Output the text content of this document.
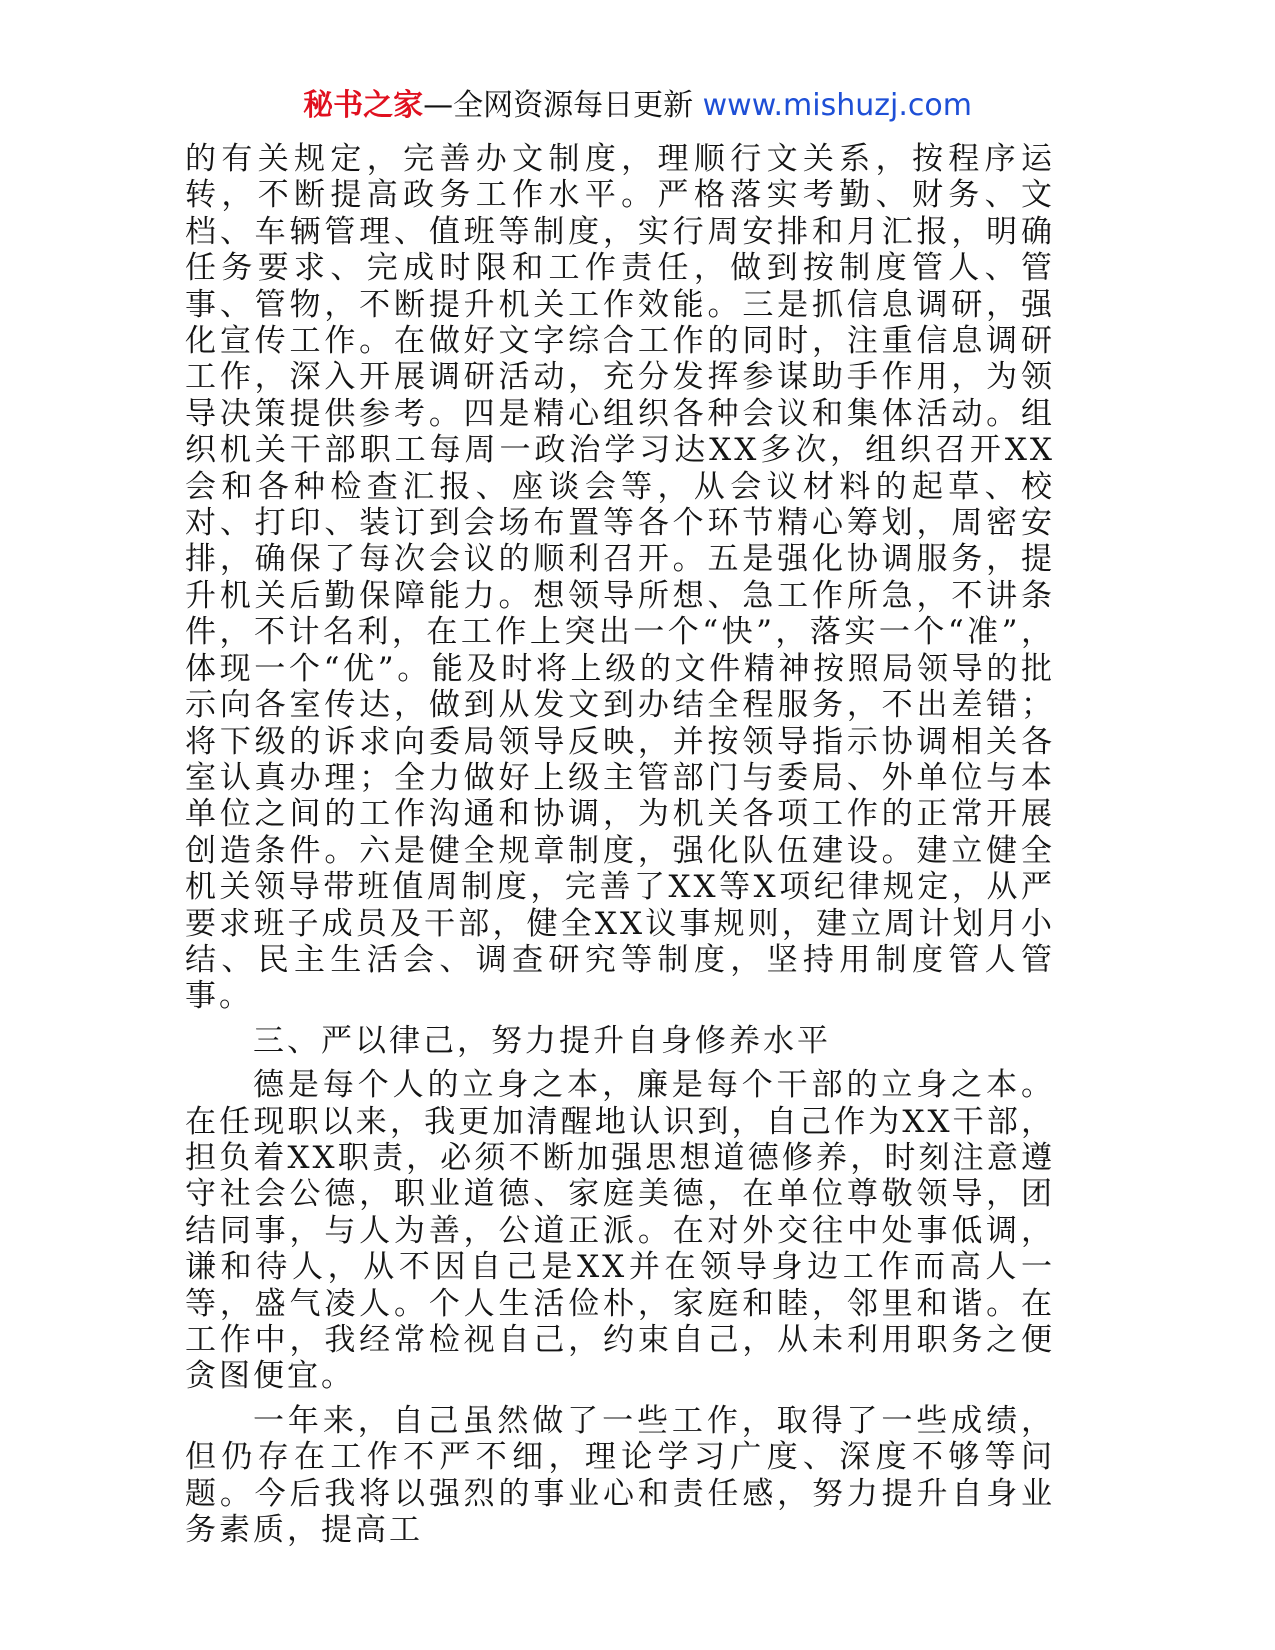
秘书之家—全网资源每日更新 www.mishuzj.com

的有关规定，完善办文制度，理顺行文关系，按程序运转，不断提高政务工作水平。严格落实考勤、财务、文档、车辆管理、值班等制度，实行周安排和月汇报，明确任务要求、完成时限和工作责任，做到按制度管人、管事、管物，不断提升机关工作效能。三是抓信息调研，强化宣传工作。在做好文字综合工作的同时，注重信息调研工作，深入开展调研活动，充分发挥参谋助手作用，为领导决策提供参考。四是精心组织各种会议和集体活动。组织机关干部职工每周一政治学习达XX多次，组织召开XX会和各种检查汇报、座谈会等，从会议材料的起草、校对、打印、装订到会场布置等各个环节精心筹划，周密安排，确保了每次会议的顺利召开。五是强化协调服务，提升机关后勤保障能力。想领导所想、急工作所急，不讲条件，不计名利，在工作上突出一个“快”，落实一个“准”，体现一个“优”。能及时将上级的文件精神按照局领导的批示向各室传达，做到从发文到办结全程服务，不出差错；将下级的诉求向委局领导反映，并按领导指示协调相关各室认真办理；全力做好上级主管部门与委局、外单位与本单位之间的工作沟通和协调，为机关各项工作的正常开展创造条件。六是健全规章制度，强化队伍建设。建立健全机关领导带班值周制度，完善了XX等X项纪律规定，从严要求班子成员及干部，健全XX议事规则，建立周计划月小结、民主生活会、调查研究等制度，坚持用制度管人管事。

三、严以律己，努力提升自身修养水平

德是每个人的立身之本，廉是每个干部的立身之本。在任现职以来，我更加清醒地认识到，自己作为XX干部，担负着XX职责，必须不断加强思想道德修养，时刻注意遵守社会公德，职业道德、家庭美德，在单位尊敬领导，团结同事，与人为善，公道正派。在对外交往中处事低调，谦和待人，从不因自己是XX并在领导身边工作而高人一等，盛气凌人。个人生活俭朴，家庭和睦，邻里和谐。在工作中，我经常检视自己，约束自己，从未利用职务之便贪图便宜。

一年来，自己虽然做了一些工作，取得了一些成绩，但仍存在工作不严不细，理论学习广度、深度不够等问题。今后我将以强烈的事业心和责任感，努力提升自身业务素质，提高工
